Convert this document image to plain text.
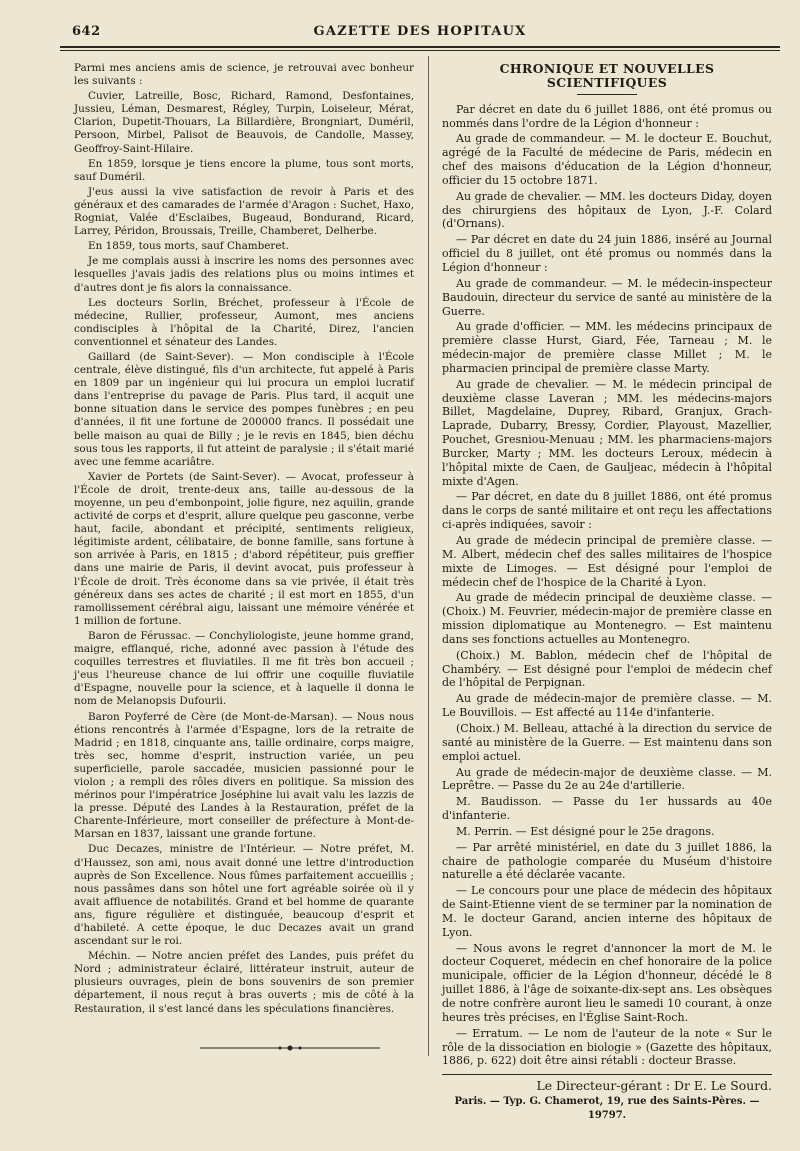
642	GAZETTE DES HOPITAUX

Parmi mes anciens amis de science, je retrouvai avec bonheur les suivants :

Cuvier, Latreille, Bosc, Richard, Ramond, Desfontaines, Jussieu, Léman, Desmarest, Régley, Turpin, Loiseleur, Mérat, Clarion, Dupetit-Thouars, La Billardière, Brongniart, Duméril, Persoon, Mirbel, Palisot de Beauvois, de Candolle, Massey, Geoffroy-Saint-Hilaire.

En 1859, lorsque je tiens encore la plume, tous sont morts, sauf Duméril.

J'eus aussi la vive satisfaction de revoir à Paris et des généraux et des camarades de l'armée d'Aragon : Suchet, Haxo, Rogniat, Valée d'Esclaibes, Bugeaud, Bondurand, Ricard, Larrey, Péridon, Broussais, Treille, Chamberet, Delherbe.

En 1859, tous morts, sauf Chamberet.

Je me complais aussi à inscrire les noms des personnes avec lesquelles j'avais jadis des relations plus ou moins intimes et d'autres dont je fis alors la connaissance.

Les docteurs Sorlin, Bréchet, professeur à l'École de médecine, Rullier, professeur, Aumont, mes anciens condisciples à l'hôpital de la Charité, Direz, l'ancien conventionnel et sénateur des Landes.

Gaillard (de Saint-Sever). — Mon condisciple à l'École centrale, élève distingué, fils d'un architecte, fut appelé à Paris en 1809 par un ingénieur qui lui procura un emploi lucratif dans l'entreprise du pavage de Paris. Plus tard, il acquit une bonne situation dans le service des pompes funèbres ; en peu d'années, il fit une fortune de 200000 francs. Il possédait une belle maison au quai de Billy ; je le revis en 1845, bien déchu sous tous les rapports, il fut atteint de paralysie ; il s'était marié avec une femme acariâtre.

Xavier de Portets (de Saint-Sever). — Avocat, professeur à l'École de droit, trente-deux ans, taille au-dessous de la moyenne, un peu d'embonpoint, jolie figure, nez aquilin, grande activité de corps et d'esprit, allure quelque peu gasconne, verbe haut, facile, abondant et précipité, sentiments religieux, légitimiste ardent, célibataire, de bonne famille, sans fortune à son arrivée à Paris, en 1815 ; d'abord répétiteur, puis greffier dans une mairie de Paris, il devint avocat, puis professeur à l'École de droit. Très économe dans sa vie privée, il était très généreux dans ses actes de charité ; il est mort en 1855, d'un ramollissement cérébral aigu, laissant une mémoire vénérée et 1 million de fortune.

Baron de Férussac. — Conchyliologiste, jeune homme grand, maigre, efflanqué, riche, adonné avec passion à l'étude des coquilles terrestres et fluviatiles. Il me fit très bon accueil ; j'eus l'heureuse chance de lui offrir une coquille fluviatile d'Espagne, nouvelle pour la science, et à laquelle il donna le nom de Melanopsis Dufourii.

Baron Poyferré de Cère (de Mont-de-Marsan). — Nous nous étions rencontrés à l'armée d'Espagne, lors de la retraite de Madrid ; en 1818, cinquante ans, taille ordinaire, corps maigre, très sec, homme d'esprit, instruction variée, un peu superficielle, parole saccadée, musicien passionné pour le violon ; a rempli des rôles divers en politique. Sa mission des mérinos pour l'impératrice Joséphine lui avait valu les lazzis de la presse. Député des Landes à la Restauration, préfet de la Charente-Inférieure, mort conseiller de préfecture à Mont-de-Marsan en 1837, laissant une grande fortune.

Duc Decazes, ministre de l'Intérieur. — Notre préfet, M. d'Haussez, son ami, nous avait donné une lettre d'introduction auprès de Son Excellence. Nous fûmes parfaitement accueillis ; nous passâmes dans son hôtel une fort agréable soirée où il y avait affluence de notabilités. Grand et bel homme de quarante ans, figure régulière et distinguée, beaucoup d'esprit et d'habileté. A cette époque, le duc Decazes avait un grand ascendant sur le roi.

Méchin. — Notre ancien préfet des Landes, puis préfet du Nord ; administrateur éclairé, littérateur instruit, auteur de plusieurs ouvrages, plein de bons souvenirs de son premier département, il nous reçut à bras ouverts ; mis de côté à la Restauration, il s'est lancé dans les spéculations financières.

CHRONIQUE ET NOUVELLES SCIENTIFIQUES

Par décret en date du 6 juillet 1886, ont été promus ou nommés dans l'ordre de la Légion d'honneur :

Au grade de commandeur. — M. le docteur E. Bouchut, agrégé de la Faculté de médecine de Paris, médecin en chef des maisons d'éducation de la Légion d'honneur, officier du 15 octobre 1871.

Au grade de chevalier. — MM. les docteurs Diday, doyen des chirurgiens des hôpitaux de Lyon, J.-F. Colard (d'Ornans).

— Par décret en date du 24 juin 1886, inséré au Journal officiel du 8 juillet, ont été promus ou nommés dans la Légion d'honneur :

Au grade de commandeur. — M. le médecin-inspecteur Baudouin, directeur du service de santé au ministère de la Guerre.

Au grade d'officier. — MM. les médecins principaux de première classe Hurst, Giard, Fée, Tarneau ; M. le médecin-major de première classe Millet ; M. le pharmacien principal de première classe Marty.

Au grade de chevalier. — M. le médecin principal de deuxième classe Laveran ; MM. les médecins-majors Billet, Magdelaine, Duprey, Ribard, Granjux, Grach-Laprade, Dubarry, Bressy, Cordier, Playoust, Mazellier, Pouchet, Gresniou-Menuau ; MM. les pharmaciens-majors Burcker, Marty ; MM. les docteurs Leroux, médecin à l'hôpital mixte de Caen, de Gauljeac, médecin à l'hôpital mixte d'Agen.

— Par décret, en date du 8 juillet 1886, ont été promus dans le corps de santé militaire et ont reçu les affectations ci-après indiquées, savoir :

Au grade de médecin principal de première classe. — M. Albert, médecin chef des salles militaires de l'hospice mixte de Limoges. — Est désigné pour l'emploi de médecin chef de l'hospice de la Charité à Lyon.

Au grade de médecin principal de deuxième classe. — (Choix.) M. Feuvrier, médecin-major de première classe en mission diplomatique au Montenegro. — Est maintenu dans ses fonctions actuelles au Montenegro.

(Choix.) M. Bablon, médecin chef de l'hôpital de Chambéry. — Est désigné pour l'emploi de médecin chef de l'hôpital de Perpignan.

Au grade de médecin-major de première classe. — M. Le Bouvillois. — Est affecté au 114e d'infanterie.

(Choix.) M. Belleau, attaché à la direction du service de santé au ministère de la Guerre. — Est maintenu dans son emploi actuel.

Au grade de médecin-major de deuxième classe. — M. Leprêtre. — Passe du 2e au 24e d'artillerie.

M. Baudisson. — Passe du 1er hussards au 40e d'infanterie.

M. Perrin. — Est désigné pour le 25e dragons.

— Par arrêté ministériel, en date du 3 juillet 1886, la chaire de pathologie comparée du Muséum d'histoire naturelle a été déclarée vacante.

— Le concours pour une place de médecin des hôpitaux de Saint-Etienne vient de se terminer par la nomination de M. le docteur Garand, ancien interne des hôpitaux de Lyon.

— Nous avons le regret d'annoncer la mort de M. le docteur Coqueret, médecin en chef honoraire de la police municipale, officier de la Légion d'honneur, décédé le 8 juillet 1886, à l'âge de soixante-dix-sept ans. Les obsèques de notre confrère auront lieu le samedi 10 courant, à onze heures très précises, en l'Église Saint-Roch.

— Erratum. — Le nom de l'auteur de la note « Sur le rôle de la dissociation en biologie » (Gazette des hôpitaux, 1886, p. 622) doit être ainsi rétabli : docteur Brasse.

Le Directeur-gérant : Dr E. Le Sourd.
Paris. — Typ. G. Chamerot, 19, rue des Saints-Pères. — 19797.
